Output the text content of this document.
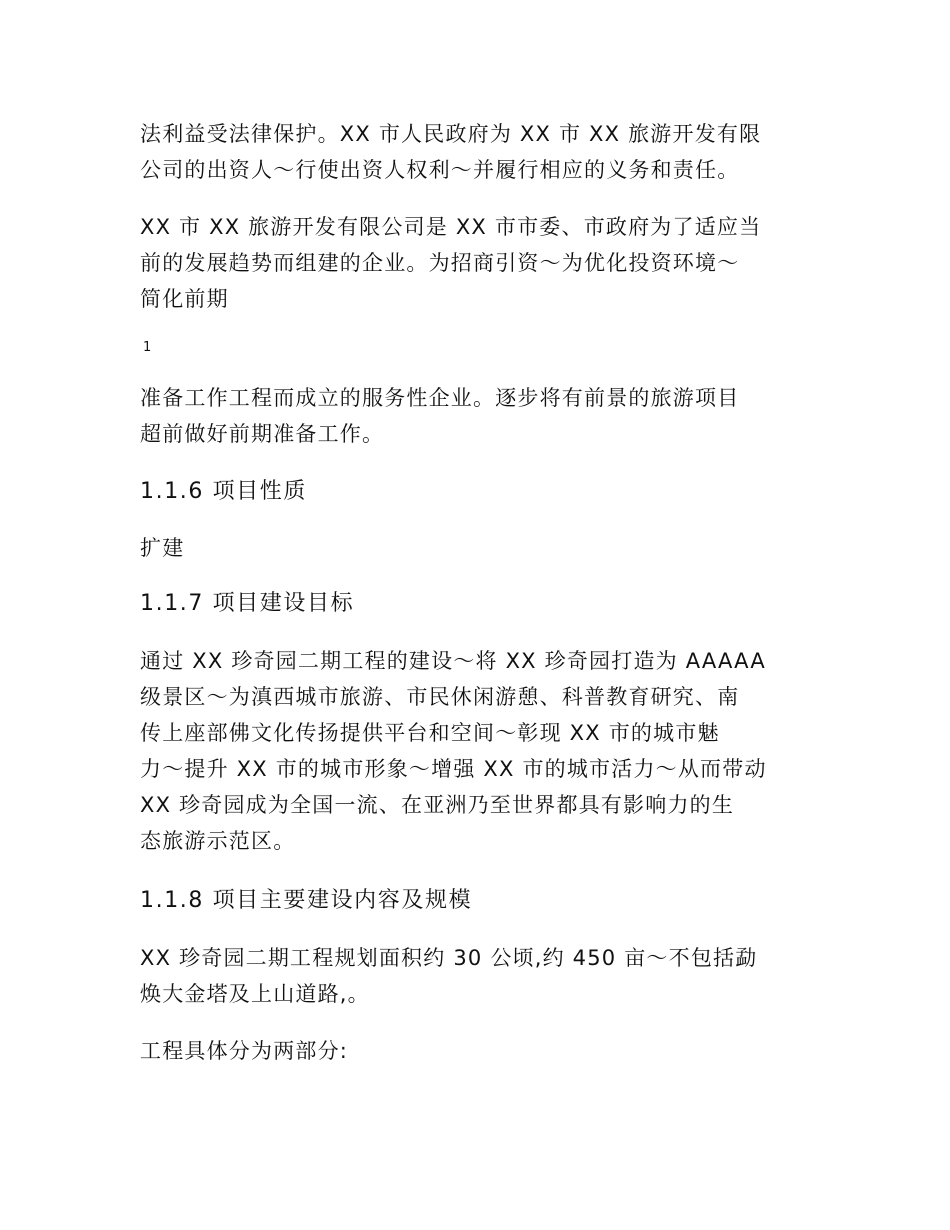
法利益受法律保护。XX 市人民政府为 XX 市 XX 旅游开发有限
公司的出资人～行使出资人权利～并履行相应的义务和责任。

XX 市 XX 旅游开发有限公司是 XX 市市委、市政府为了适应当
前的发展趋势而组建的企业。为招商引资～为优化投资环境～
简化前期

1

准备工作工程而成立的服务性企业。逐步将有前景的旅游项目
超前做好前期准备工作。

1.1.6 项目性质

扩建

1.1.7 项目建设目标

通过 XX 珍奇园二期工程的建设～将 XX 珍奇园打造为 AAAAA
级景区～为滇西城市旅游、市民休闲游憩、科普教育研究、南
传上座部佛文化传扬提供平台和空间～彰现 XX 市的城市魅
力～提升 XX 市的城市形象～增强 XX 市的城市活力～从而带动
XX 珍奇园成为全国一流、在亚洲乃至世界都具有影响力的生
态旅游示范区。

1.1.8 项目主要建设内容及规模

XX 珍奇园二期工程规划面积约 30 公顷,约 450 亩～不包括勐
焕大金塔及上山道路,。

工程具体分为两部分:
